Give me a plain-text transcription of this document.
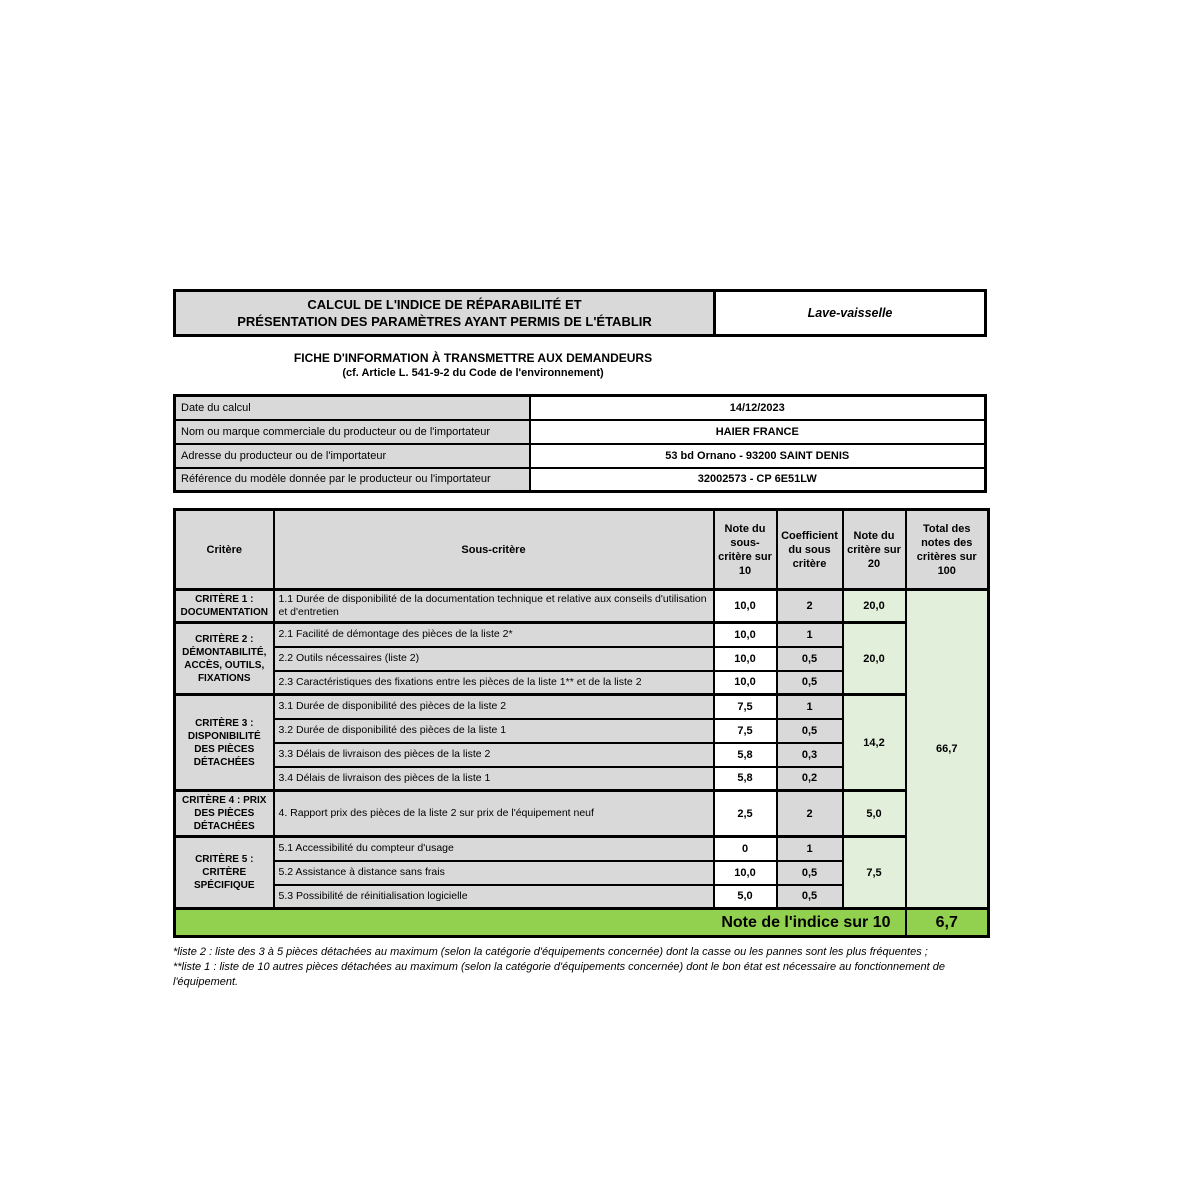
CALCUL DE L'INDICE DE RÉPARABILITÉ ET
PRÉSENTATION DES PARAMÈTRES AYANT PERMIS DE L'ÉTABLIR
Lave-vaisselle
FICHE D'INFORMATION À TRANSMETTRE AUX DEMANDEURS
(cf. Article L. 541-9-2 du Code de l'environnement)
Date du calcul	14/12/2023
Nom ou marque commerciale du producteur ou de l'importateur	HAIER FRANCE
Adresse du producteur ou de l'importateur	53 bd Ornano - 93200 SAINT DENIS
Référence du modèle donnée par le producteur ou l'importateur	32002573 - CP 6E51LW
Critère	Sous-critère	Note du sous-critère sur 10	Coefficient du sous critère	Note du critère sur 20	Total des notes des critères sur 100
CRITÈRE 1 : DOCUMENTATION	1.1 Durée de disponibilité de la documentation technique et relative aux conseils d'utilisation et d'entretien	10,0	2	20,0	66,7
CRITÈRE 2 : DÉMONTABILITÉ, ACCÈS, OUTILS, FIXATIONS	2.1 Facilité de démontage des pièces de la liste 2*	10,0	1	20,0	
	2.2 Outils nécessaires (liste 2)	10,0	0,5		
	2.3 Caractéristiques des fixations entre les pièces de la liste 1** et de la liste 2	10,0	0,5		
CRITÈRE 3 : DISPONIBILITÉ DES PIÈCES DÉTACHÉES	3.1 Durée de disponibilité des pièces de la liste 2	7,5	1	14,2	
	3.2 Durée de disponibilité des pièces de la liste 1	7,5	0,5		
	3.3 Délais de livraison des pièces de la liste 2	5,8	0,3		
	3.4 Délais de livraison des pièces de la liste 1	5,8	0,2		
CRITÈRE 4 : PRIX DES PIÈCES DÉTACHÉES	4. Rapport prix des pièces de la liste 2 sur prix de l'équipement neuf	2,5	2	5,0	
CRITÈRE 5 : CRITÈRE SPÉCIFIQUE	5.1 Accessibilité du compteur d'usage	0	1	7,5	
	5.2 Assistance à distance sans frais	10,0	0,5		
	5.3 Possibilité de réinitialisation logicielle	5,0	0,5		
Note de l'indice sur 10					6,7
*liste 2 : liste des 3 à 5 pièces détachées au maximum (selon la catégorie d'équipements concernée) dont la casse ou les pannes sont les plus fréquentes ;
**liste 1 : liste de 10 autres pièces détachées au maximum (selon la catégorie d'équipements concernée) dont le bon état est nécessaire au fonctionnement de l'équipement.
